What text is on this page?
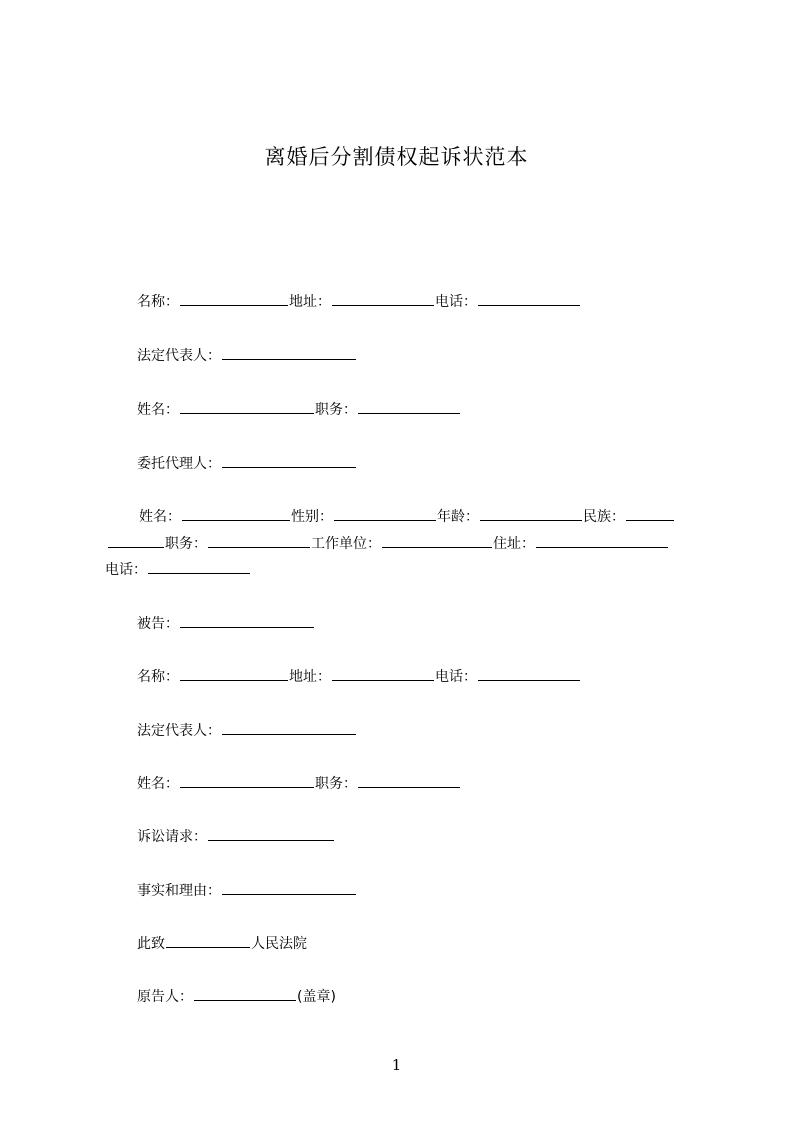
离婚后分割债权起诉状范本
名称：	地址：	电话：
法定代表人：
姓名：	职务：
委托代理人：
姓名：	性别：	年龄：	民族：
职务：	工作单位：	住址：
电话：
被告：
名称：	地址：	电话：
法定代表人：
姓名：	职务：
诉讼请求：
事实和理由：
此致	人民法院
原告人：	(盖章)
1
